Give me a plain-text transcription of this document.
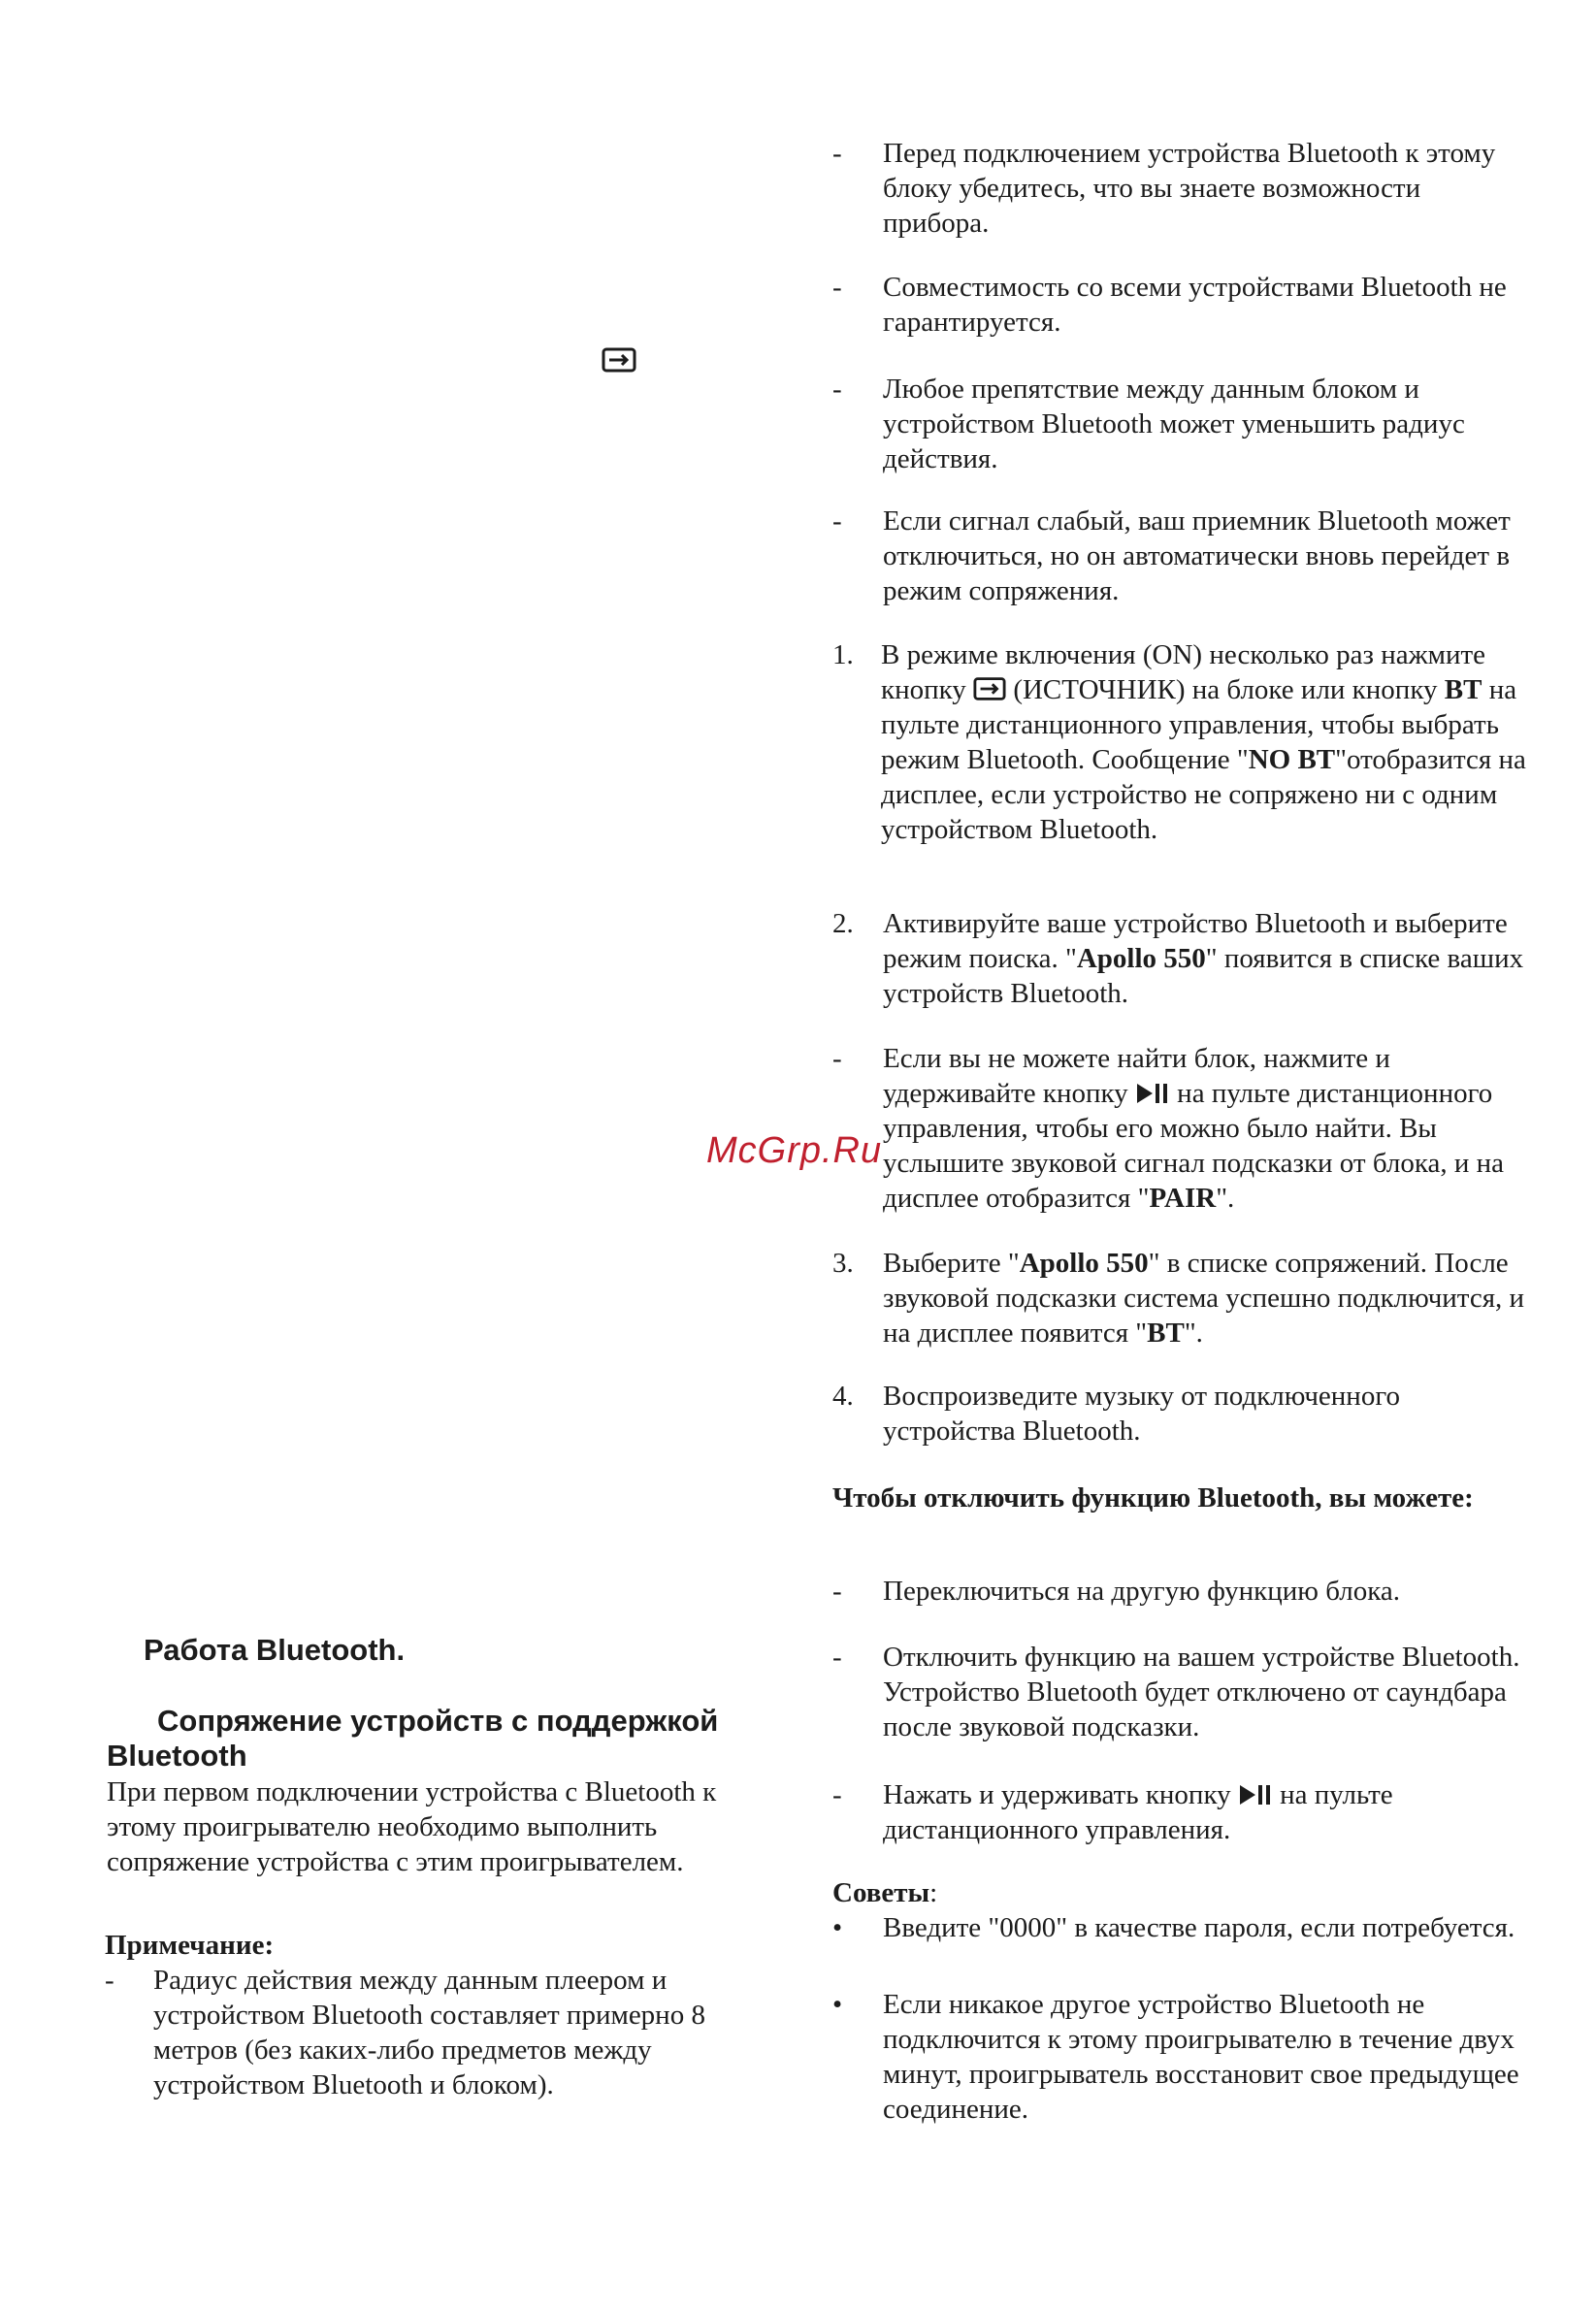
Работа Bluetooth.
Сопряжение устройств с поддержкой Bluetooth
При первом подключении устройства с Bluetooth к этому проигрывателю необходимо выполнить сопряжение устройства с этим проигрывателем.
Примечание:
-	Радиус действия между данным плеером и устройством Bluetooth составляет примерно 8 метров (без каких-либо предметов между устройством Bluetooth и блоком).
-	Перед подключением устройства Bluetooth к этому блоку убедитесь, что вы знаете возможности прибора.
-	Совместимость со всеми устройствами Bluetooth не гарантируется.
-	Любое препятствие между данным блоком и устройством Bluetooth может уменьшить радиус действия.
-	Если сигнал слабый, ваш приемник Bluetooth может отключиться, но он автоматически вновь перейдет в режим сопряжения.
1. В режиме включения (ON) несколько раз нажмите кнопку (ИСТОЧНИК) на блоке или кнопку BT на пульте дистанционного управления, чтобы выбрать режим Bluetooth. Сообщение "NO BT"отобразится на дисплее, если устройство не сопряжено ни с одним устройством Bluetooth.
2.	Активируйте ваше устройство Bluetooth и выберите режим поиска. "Apollo 550" появится в списке ваших устройств Bluetooth.
-	Если вы не можете найти блок, нажмите и удерживайте кнопку на пульте дистанционного управления, чтобы его можно было найти. Вы услышите звуковой сигнал подсказки от блока, и на дисплее отобразится "PAIR".
3.	Выберите "Apollo 550" в списке сопряжений. После звуковой подсказки система успешно подключится, и на дисплее появится "BT".
4.	Воспроизведите музыку от подключенного устройства Bluetooth.
Чтобы отключить функцию Bluetooth, вы можете:
-	Переключиться на другую функцию блока.
-	Отключить функцию на вашем устройстве Bluetooth. Устройство Bluetooth будет отключено от саундбара после звуковой подсказки.
-	Нажать и удерживать кнопку на пульте дистанционного управления.
Советы:
•	Введите "0000" в качестве пароля, если потребуется.
•	Если никакое другое устройство Bluetooth не подключится к этому проигрывателю в течение двух минут, проигрыватель восстановит свое предыдущее соединение.
McGrp.Ru
